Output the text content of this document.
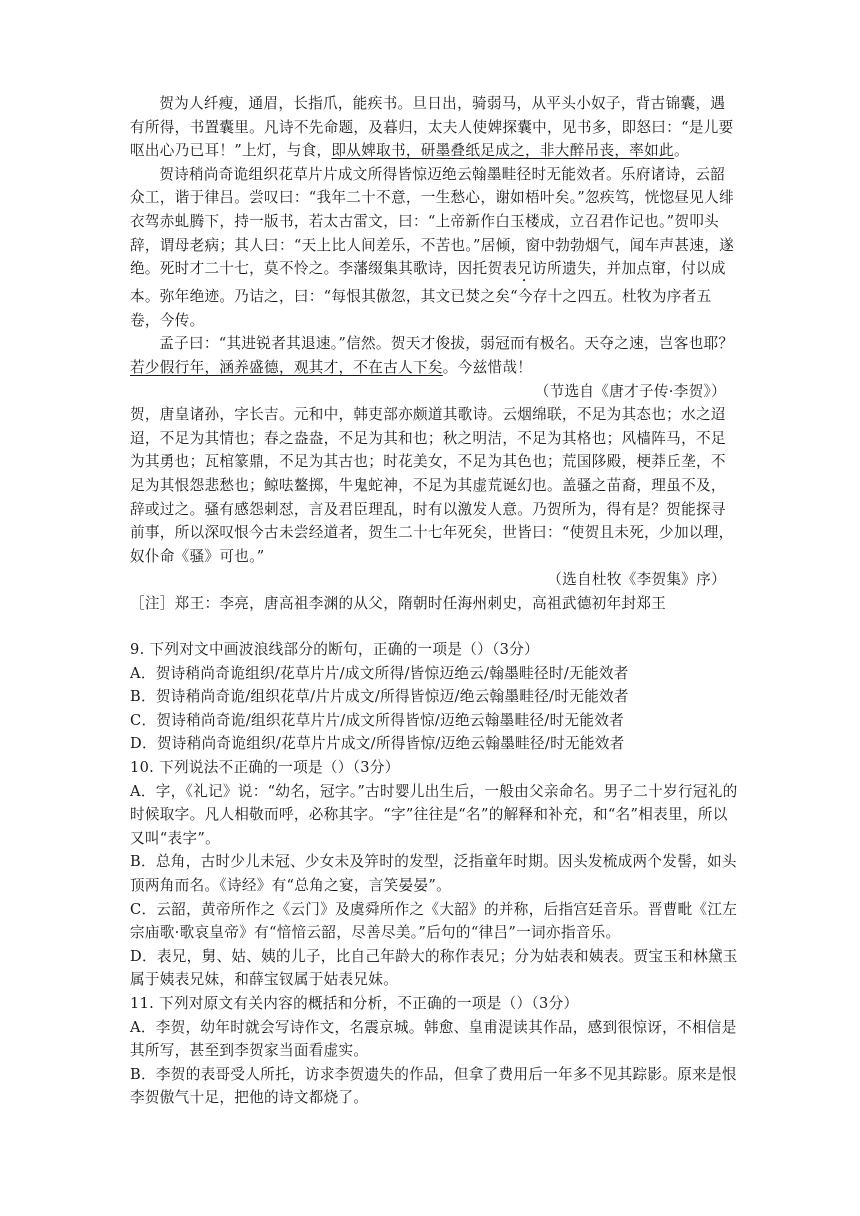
贺为人纤瘦，通眉，长指爪，能疾书。旦日出，骑弱马，从平头小奴子，背古锦囊，遇有所得，书置囊里。凡诗不先命题，及暮归，太夫人使婢探囊中，见书多，即怒曰：“是儿要呕出心乃已耳！”上灯，与食，即从婢取书，研墨叠纸足成之，非大醉吊丧，率如此。

贺诗稍尚奇诡组织花草片片成文所得皆惊迈绝云翰墨畦径时无能效者。乐府诸诗，云韶众工，谐于律吕。尝叹曰：“我年二十不意，一生愁心，谢如梧叶矣。”忽疾笃，恍惚昼见人绯衣驾赤虬腾下，持一版书，若太古雷文，曰：“上帝新作白玉楼成，立召君作记也。”贺叩头辞，谓母老病；其人曰：“天上比人间差乐，不苦也。”居倾，窗中勃勃烟气，闻车声甚速，遂绝。死时才二十七，莫不怜之。李藩缀集其歌诗，因托贺表兄访所遗失，并加点窜，付以成本。弥年绝迹。乃诘之，曰：“每恨其傲忽，其文已焚之矣“今存十之四五。杜牧为序者五卷，今传。

孟子曰：“其进锐者其退速。”信然。贺天才俊拔，弱冠而有极名。天夺之速，岂客也耶？若少假行年，涵养盛德，观其才，不在古人下矣。今兹惜哉！

（节选自《唐才子传·李贺》）

贺，唐皇诸孙，字长吉。元和中，韩吏部亦颇道其歌诗。云烟绵联，不足为其态也；水之迢迢，不足为其情也；春之盎盎，不足为其和也；秋之明洁，不足为其格也；风樯阵马，不足为其勇也；瓦棺篆鼎，不足为其古也；时花美女，不足为其色也；荒国陊殿，梗莽丘垄，不足为其恨怨悲愁也；鲸呿鳌掷，牛鬼蛇神，不足为其虚荒诞幻也。盖骚之苗裔，理虽不及，辞或过之。骚有感怨刺怼，言及君臣理乱，时有以激发人意。乃贺所为，得有是？贺能探寻前事，所以深叹恨今古未尝经道者，贺生二十七年死矣，世皆曰：“使贺且未死，少加以理，奴仆命《骚》可也。”

（选自杜牧《李贺集》序）

［注］郑王：李亮，唐高祖李渊的从父，隋朝时任海州刺史，高祖武德初年封郑王

9. 下列对文中画波浪线部分的断句，正确的一项是（）（3分）

A．贺诗稍尚奇诡组织/花草片片/成文所得/皆惊迈绝云/翰墨畦径时/无能效者

B．贺诗稍尚奇诡/组织花草/片片成文/所得皆惊迈/绝云翰墨畦径/时无能效者

C．贺诗稍尚奇诡/组织花草片片/成文所得皆惊/迈绝云翰墨畦径/时无能效者

D．贺诗稍尚奇诡组织/花草片片成文/所得皆惊/迈绝云翰墨畦径/时无能效者

10. 下列说法不正确的一项是（）（3分）

A．字，《礼记》说：“幼名，冠字。”古时婴儿出生后，一般由父亲命名。男子二十岁行冠礼的时候取字。凡人相敬而呼，必称其字。“字”往往是“名”的解释和补充，和“名”相表里，所以又叫“表字”。

B．总角，古时少儿未冠、少女未及笄时的发型，泛指童年时期。因头发梳成两个发髻，如头顶两角而名。《诗经》有“总角之宴，言笑晏晏”。

C．云韶，黄帝所作之《云门》及虞舜所作之《大韶》的并称，后指宫廷音乐。晋曹毗《江左宗庙歌·歌哀皇帝》有“愔愔云韶，尽善尽美。”后句的“律吕”一词亦指音乐。

D．表兄，舅、姑、姨的儿子，比自己年龄大的称作表兄；分为姑表和姨表。贾宝玉和林黛玉属于姨表兄妹，和薛宝钗属于姑表兄妹。

11. 下列对原文有关内容的概括和分析，不正确的一项是（）（3分）

A．李贺，幼年时就会写诗作文，名震京城。韩愈、皇甫湜读其作品，感到很惊讶，不相信是其所写，甚至到李贺家当面看虚实。

B．李贺的表哥受人所托，访求李贺遗失的作品，但拿了费用后一年多不见其踪影。原来是恨李贺傲气十足，把他的诗文都烧了。
